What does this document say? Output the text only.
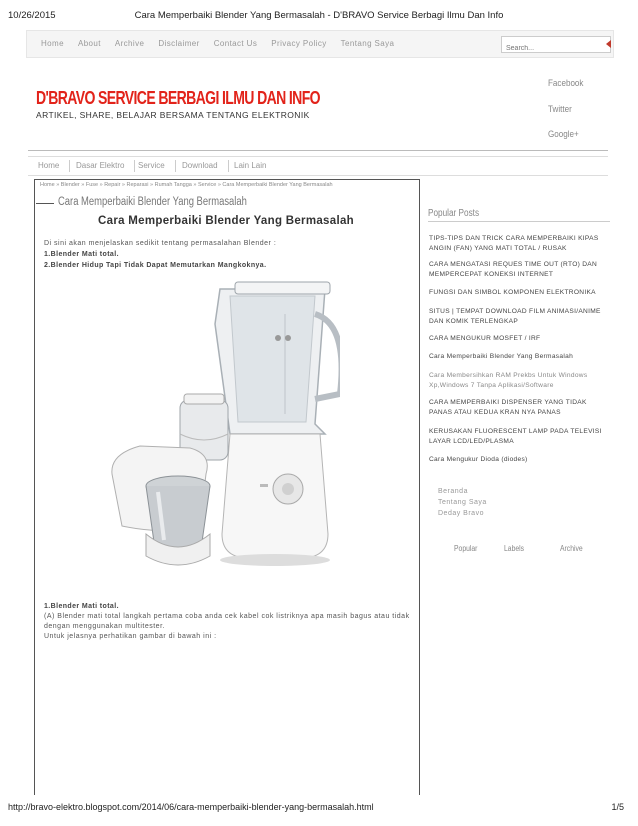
10/26/2015	Cara Memperbaiki Blender Yang Bermasalah - D'BRAVO Service Berbagi Ilmu Dan Info
Home About Archive Disclaimer Contact Us Privacy Policy Tentang Saya
Search...
D'BRAVO SERVICE BERBAGI ILMU DAN INFO
ARTIKEL, SHARE, BELAJAR BERSAMA TENTANG ELEKTRONIK
Facebook
Twitter
Google+
Home	Dasar Elektro	Service	Download	Lain Lain
Home » Blender » Fuse » Repair » Reparasi » Rumah Tangga » Service » Cara Memperbaiki Blender Yang Bermasalah
Cara Memperbaiki Blender Yang Bermasalah
Cara Memperbaiki Blender Yang Bermasalah
Di sini akan menjelaskan sedikit tentang permasalahan Blender :
1.Blender Mati total.
2.Blender Hidup Tapi Tidak Dapat Memutarkan Mangkoknya.
1.Blender Mati total.
(A) Blender mati total langkah pertama coba anda cek kabel cok listriknya apa masih bagus atau tidak
dengan menggunakan multitester.
Untuk jelasnya perhatikan gambar di bawah ini :
Popular Posts
TIPS-TIPS DAN TRICK CARA MEMPERBAIKI KIPAS ANGIN (FAN) YANG MATI TOTAL / RUSAK
CARA MENGATASI REQUES TIME OUT (RTO) DAN MEMPERCEPAT KONEKSI INTERNET
FUNGSI DAN SIMBOL KOMPONEN ELEKTRONIKA
SITUS | TEMPAT DOWNLOAD FILM ANIMASI/ANIME DAN KOMIK TERLENGKAP
CARA MENGUKUR MOSFET / IRF
Cara Memperbaiki Blender Yang Bermasalah
Cara Membersihkan RAM Prekbs Untuk Windows Xp,Windows 7 Tanpa Aplikasi/Software
CARA MEMPERBAIKI DISPENSER YANG TIDAK PANAS ATAU KEDUA KRAN NYA PANAS
KERUSAKAN FLUORESCENT LAMP PADA TELEVISI LAYAR LCD/LED/PLASMA
Cara Mengukur Dioda (diodes)
Beranda
Tentang Saya
Deday Bravo
Popular	Labels	Archive
http://bravo-elektro.blogspot.com/2014/06/cara-memperbaiki-blender-yang-bermasalah.html	1/5
